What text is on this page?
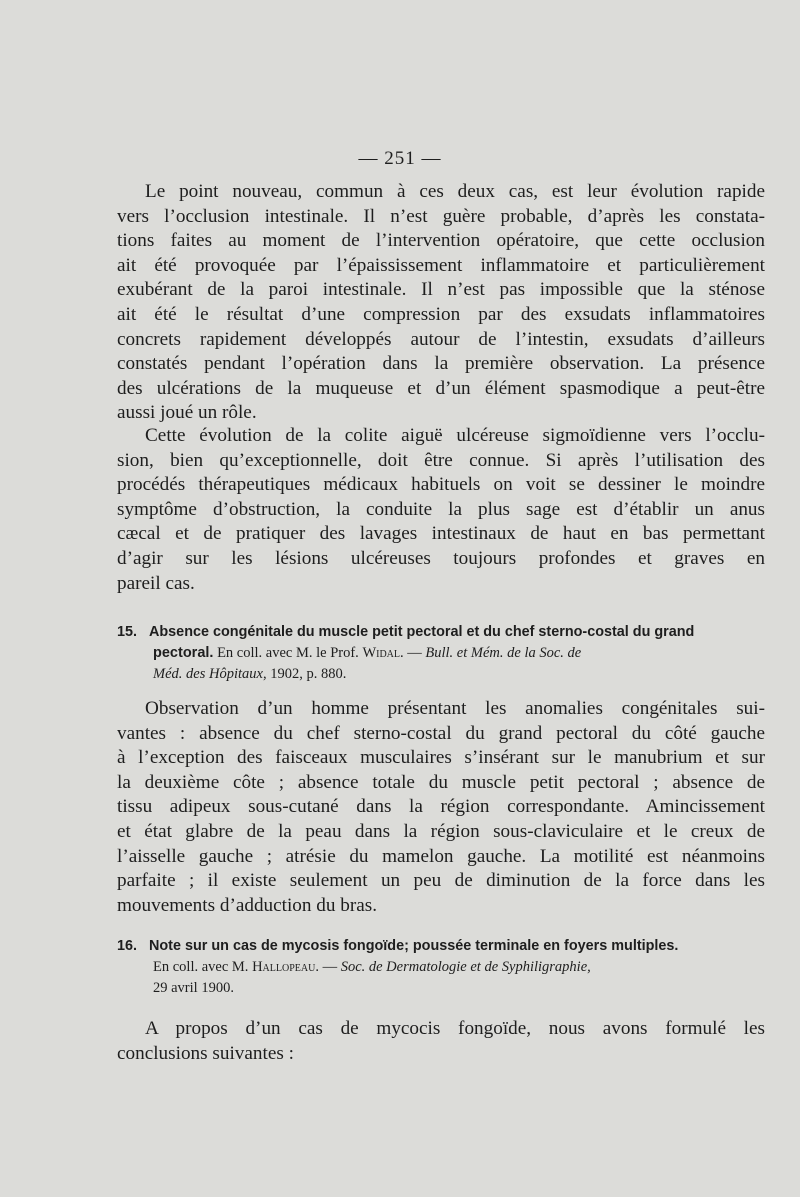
— 251 —
Le point nouveau, commun à ces deux cas, est leur évolution rapide
vers l’occlusion intestinale. Il n’est guère probable, d’après les constata-
tions faites au moment de l’intervention opératoire, que cette occlusion
ait été provoquée par l’épaississement inflammatoire et particulièrement
exubérant de la paroi intestinale. Il n’est pas impossible que la sténose
ait été le résultat d’une compression par des exsudats inflammatoires
concrets rapidement développés autour de l’intestin, exsudats d’ailleurs
constatés pendant l’opération dans la première observation. La présence
des ulcérations de la muqueuse et d’un élément spasmodique a peut-être
aussi joué un rôle.
Cette évolution de la colite aiguë ulcéreuse sigmoïdienne vers l’occlu-
sion, bien qu’exceptionnelle, doit être connue. Si après l’utilisation des
procédés thérapeutiques médicaux habituels on voit se dessiner le moindre
symptôme d’obstruction, la conduite la plus sage est d’établir un anus
cæcal et de pratiquer des lavages intestinaux de haut en bas permettant
d’agir sur les lésions ulcéreuses toujours profondes et graves en
pareil cas.
15. Absence congénitale du muscle petit pectoral et du chef sterno-costal du grand
pectoral. En coll. avec M. le Prof. Widal. — Bull. et Mém. de la Soc. de
Méd. des Hôpitaux, 1902, p. 880.
Observation d’un homme présentant les anomalies congénitales sui-
vantes : absence du chef sterno-costal du grand pectoral du côté gauche
à l’exception des faisceaux musculaires s’insérant sur le manubrium et sur
la deuxième côte ; absence totale du muscle petit pectoral ; absence de
tissu adipeux sous-cutané dans la région correspondante. Amincissement
et état glabre de la peau dans la région sous-claviculaire et le creux de
l’aisselle gauche ; atrésie du mamelon gauche. La motilité est néanmoins
parfaite ; il existe seulement un peu de diminution de la force dans les
mouvements d’adduction du bras.
16. Note sur un cas de mycosis fongoïde; poussée terminale en foyers multiples.
En coll. avec M. Hallopeau. — Soc. de Dermatologie et de Syphiligraphie,
29 avril 1900.
A propos d’un cas de mycocis fongoïde, nous avons formulé les
conclusions suivantes :
